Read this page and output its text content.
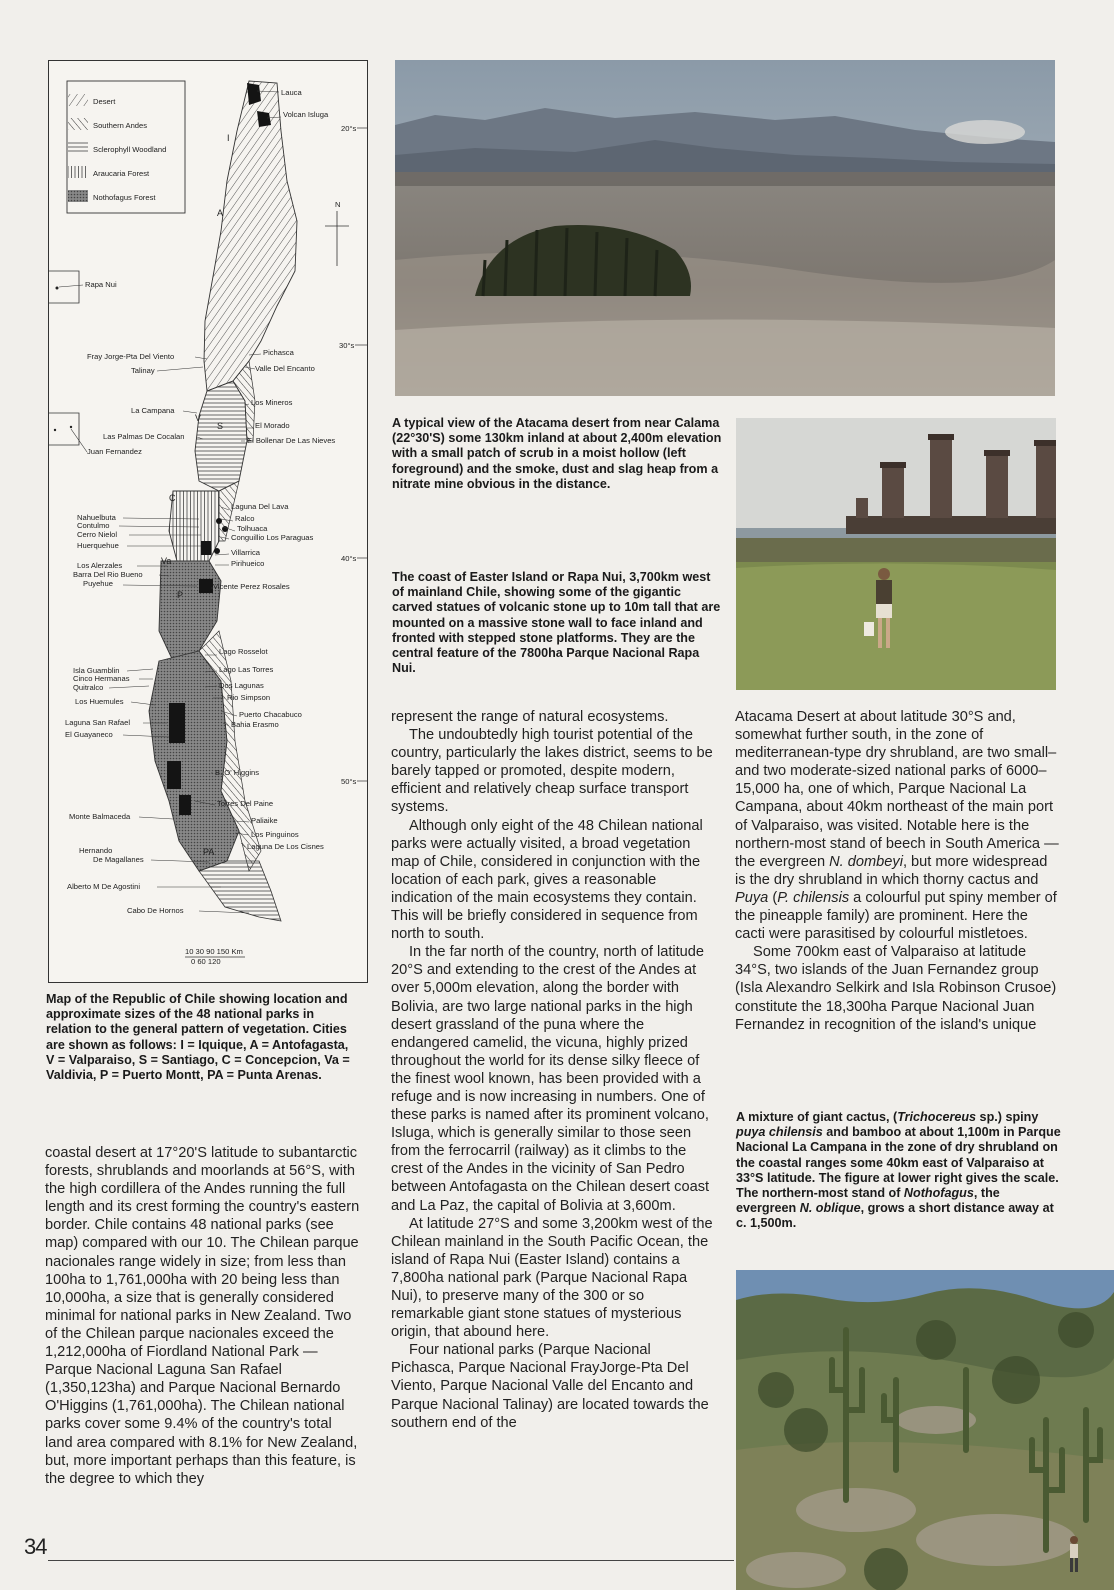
Desert
Southern Andes
Sclerophyll Woodland
Araucaria Forest
Nothofagus Forest
N
20°s
30°s
40°s
50°s
Rapa Nui
Juan Fernandez
I
A
V
S
C
Va
P
PA
Lauca
Volcan Isluga
Pichasca
Valle Del Encanto
Los Mineros
El Morado
El Bollenar De Las Nieves
Laguna Del Lava
Ralco
Tolhuaca
Conguillio Los Paraguas
Villarrica
Pirihueico
Vicente Perez Rosales
Lago Rosselot
Lago Las Torres
Dos Lagunas
Rio Simpson
Puerto Chacabuco
Bahia Erasmo
B. O' Higgins
Torres Del Paine
Paliaike
Los Pinguinos
Laguna De Los Cisnes
Fray Jorge-Pta Del Viento
Talinay
La Campana
Las Palmas De Cocalan
Nahuelbuta
Contulmo
Cerro Nielol
Huerquehue
Los Alerzales
Barra Del Rio Bueno
Puyehue
Isla Guamblin
Cinco Hermanas
Quitralco
Los Huemules
Laguna San Rafael
El Guayaneco
Monte Balmaceda
Hernando
De Magallanes
Alberto M De Agostini
Cabo De Hornos
10 30 90 150 Km
0 60 120

Map of the Republic of Chile showing location and approximate sizes of the 48 national parks in relation to the general pattern of vegetation. Cities are shown as follows: I = Iquique, A = Antofagasta, V = Valparaiso, S = Santiago, C = Concepcion, Va = Valdivia, P = Puerto Montt, PA = Punta Arenas.

coastal desert at 17°20'S latitude to subantarctic forests, shrublands and moorlands at 56°S, with the high cordillera of the Andes running the full length and its crest forming the country's eastern border. Chile contains 48 national parks (see map) compared with our 10. The Chilean parque nacionales range widely in size; from less than 100ha to 1,761,000ha with 20 being less than 10,000ha, a size that is generally considered minimal for national parks in New Zealand. Two of the Chilean parque nacionales exceed the 1,212,000ha of Fiordland National Park — Parque Nacional Laguna San Rafael (1,350,123ha) and Parque Nacional Bernardo O'Higgins (1,761,000ha). The Chilean national parks cover some 9.4% of the country's total land area compared with 8.1% for New Zealand, but, more important perhaps than this feature, is the degree to which they

A typical view of the Atacama desert from near Calama (22°30'S) some 130km inland at about 2,400m elevation with a small patch of scrub in a moist hollow (left foreground) and the smoke, dust and slag heap from a nitrate mine obvious in the distance.

The coast of Easter Island or Rapa Nui, 3,700km west of mainland Chile, showing some of the gigantic carved statues of volcanic stone up to 10m tall that are mounted on a massive stone wall to face inland and fronted with stepped stone platforms. They are the central feature of the 7800ha Parque Nacional Rapa Nui.

represent the range of natural ecosystems.

The undoubtedly high tourist potential of the country, particularly the lakes district, seems to be barely tapped or promoted, despite modern, efficient and relatively cheap surface transport systems.

Although only eight of the 48 Chilean national parks were actually visited, a broad vegetation map of Chile, considered in conjunction with the location of each park, gives a reasonable indication of the main ecosystems they contain. This will be briefly considered in sequence from north to south.

In the far north of the country, north of latitude 20°S and extending to the crest of the Andes at over 5,000m elevation, along the border with Bolivia, are two large national parks in the high desert grassland of the puna where the endangered camelid, the vicuna, highly prized throughout the world for its dense silky fleece of the finest wool known, has been provided with a refuge and is now increasing in numbers. One of these parks is named after its prominent volcano, Isluga, which is generally similar to those seen from the ferrocarril (railway) as it climbs to the crest of the Andes in the vicinity of San Pedro between Antofagasta on the Chilean desert coast and La Paz, the capital of Bolivia at 3,600m.

At latitude 27°S and some 3,200km west of the Chilean mainland in the South Pacific Ocean, the island of Rapa Nui (Easter Island) contains a 7,800ha national park (Parque Nacional Rapa Nui), to preserve many of the 300 or so remarkable giant stone statues of mysterious origin, that abound here.

Four national parks (Parque Nacional Pichasca, Parque Nacional FrayJorge-Pta Del Viento, Parque Nacional Valle del Encanto and Parque Nacional Talinay) are located towards the southern end of the

Atacama Desert at about latitude 30°S and, somewhat further south, in the zone of mediterranean-type dry shrubland, are two small– and two moderate-sized national parks of 6000–15,000 ha, one of which, Parque Nacional La Campana, about 40km northeast of the main port of Valparaiso, was visited. Notable here is the northern-most stand of beech in South America — the evergreen N. dombeyi, but more widespread is the dry shrubland in which thorny cactus and Puya (P. chilensis a colourful put spiny member of the pineapple family) are prominent. Here the cacti were parasitised by colourful mistletoes.

Some 700km east of Valparaiso at latitude 34°S, two islands of the Juan Fernandez group (Isla Alexandro Selkirk and Isla Robinson Crusoe) constitute the 18,300ha Parque Nacional Juan Fernandez in recognition of the island's unique

A mixture of giant cactus, (Trichocereus sp.) spiny puya chilensis and bamboo at about 1,100m in Parque Nacional La Campana in the zone of dry shrubland on the coastal ranges some 40km east of Valparaiso at 33°S latitude. The figure at lower right gives the scale. The northern-most stand of Nothofagus, the evergreen N. oblique, grows a short distance away at c. 1,500m.

34
